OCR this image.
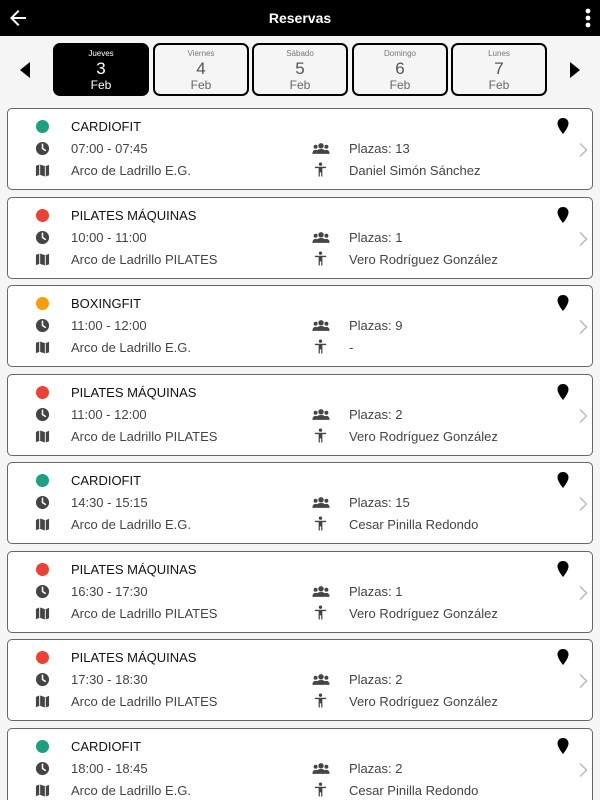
Reservas
Jueves
3
Feb
Viernes
4
Feb
Sábado
5
Feb
Domingo
6
Feb
Lunes
7
Feb
CARDIOFIT
07:00 - 07:45
Arco de Ladrillo E.G.
Plazas: 13
Daniel Simón Sánchez
PILATES MÁQUINAS
10:00 - 11:00
Arco de Ladrillo PILATES
Plazas: 1
Vero Rodríguez González
BOXINGFIT
11:00 - 12:00
Arco de Ladrillo E.G.
Plazas: 9
-
PILATES MÁQUINAS
11:00 - 12:00
Arco de Ladrillo PILATES
Plazas: 2
Vero Rodríguez González
CARDIOFIT
14:30 - 15:15
Arco de Ladrillo E.G.
Plazas: 15
Cesar Pinilla Redondo
PILATES MÁQUINAS
16:30 - 17:30
Arco de Ladrillo PILATES
Plazas: 1
Vero Rodríguez González
PILATES MÁQUINAS
17:30 - 18:30
Arco de Ladrillo PILATES
Plazas: 2
Vero Rodríguez González
CARDIOFIT
18:00 - 18:45
Arco de Ladrillo E.G.
Plazas: 2
Cesar Pinilla Redondo
